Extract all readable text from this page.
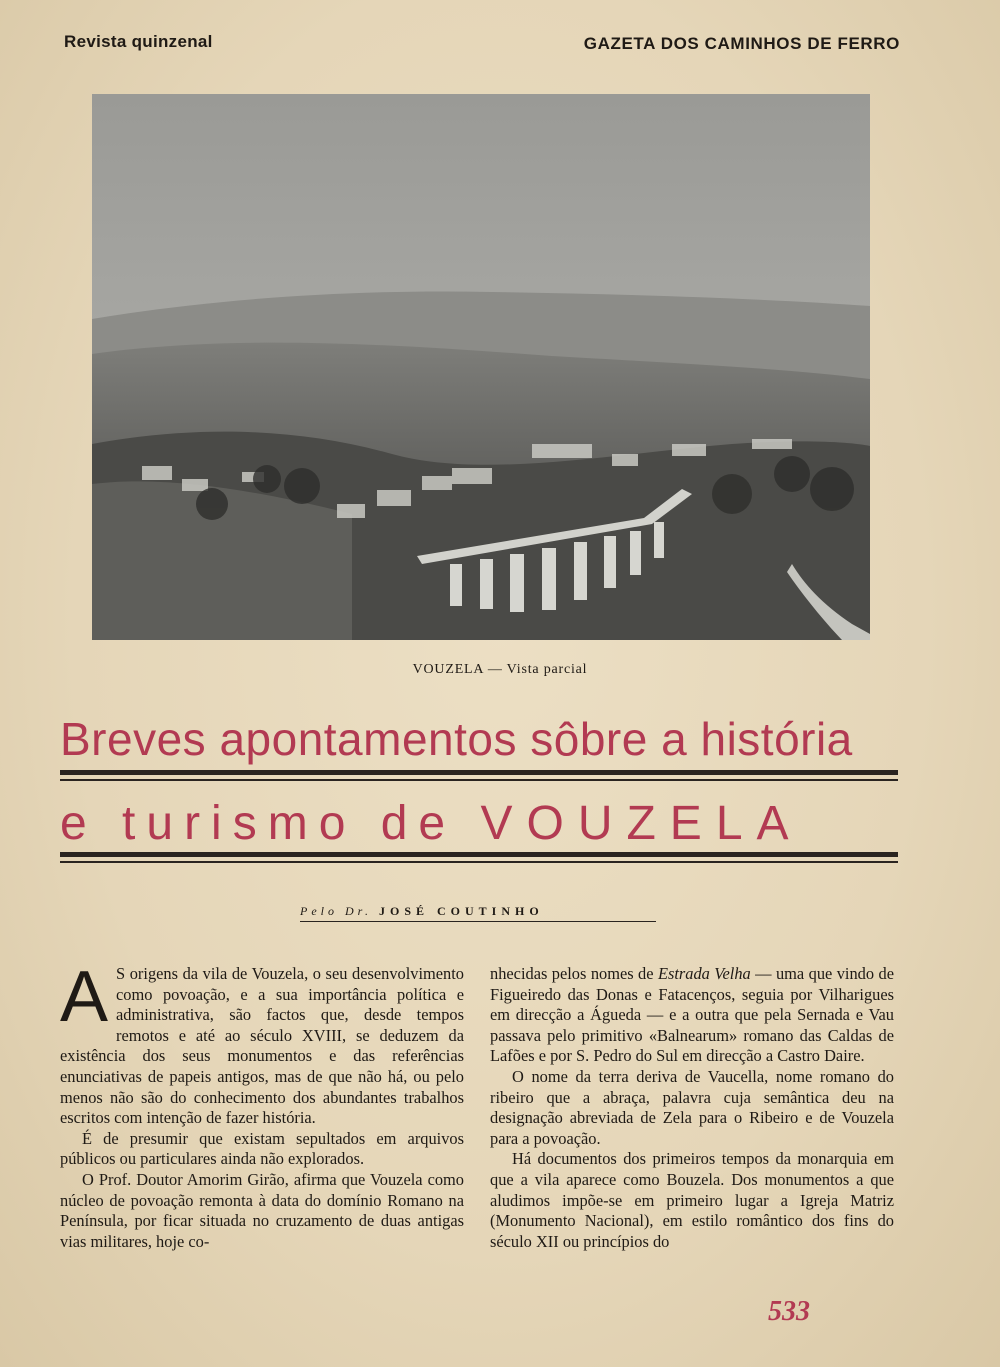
Revista quinzenal	GAZETA DOS CAMINHOS DE FERRO
VOUZELA — Vista parcial
Breves apontamentos sôbre a história
e turismo de VOUZELA
Pelo Dr. JOSÉ COUTINHO

A S origens da vila de Vouzela, o seu desenvolvimento como povoação, e a sua importância política e administrativa, são factos que, desde tempos remotos e até ao século XVIII, se deduzem da existência dos seus monumentos e das referências enunciativas de papeis antigos, mas de que não há, ou pelo menos não são do conhecimento dos abundantes trabalhos escritos com intenção de fazer história.

É de presumir que existam sepultados em arquivos públicos ou particulares ainda não explorados.

O Prof. Doutor Amorim Girão, afirma que Vouzela como núcleo de povoação remonta à data do domínio Romano na Península, por ficar situada no cruzamento de duas antigas vias militares, hoje co-

nhecidas pelos nomes de Estrada Velha — uma que vindo de Figueiredo das Donas e Fatacenços, seguia por Vilharigues em direcção a Águeda — e a outra que pela Sernada e Vau passava pelo primitivo «Balnearum» romano das Caldas de Lafões e por S. Pedro do Sul em direcção a Castro Daire.

O nome da terra deriva de Vaucella, nome romano do ribeiro que a abraça, palavra cuja semântica deu na designação abreviada de Zela para o Ribeiro e de Vouzela para a povoação.

Há documentos dos primeiros tempos da monarquia em que a vila aparece como Bouzela. Dos monumentos a que aludimos impõe-se em primeiro lugar a Igreja Matriz (Monumento Nacional), em estilo romântico dos fins do século XII ou princípios do

533
